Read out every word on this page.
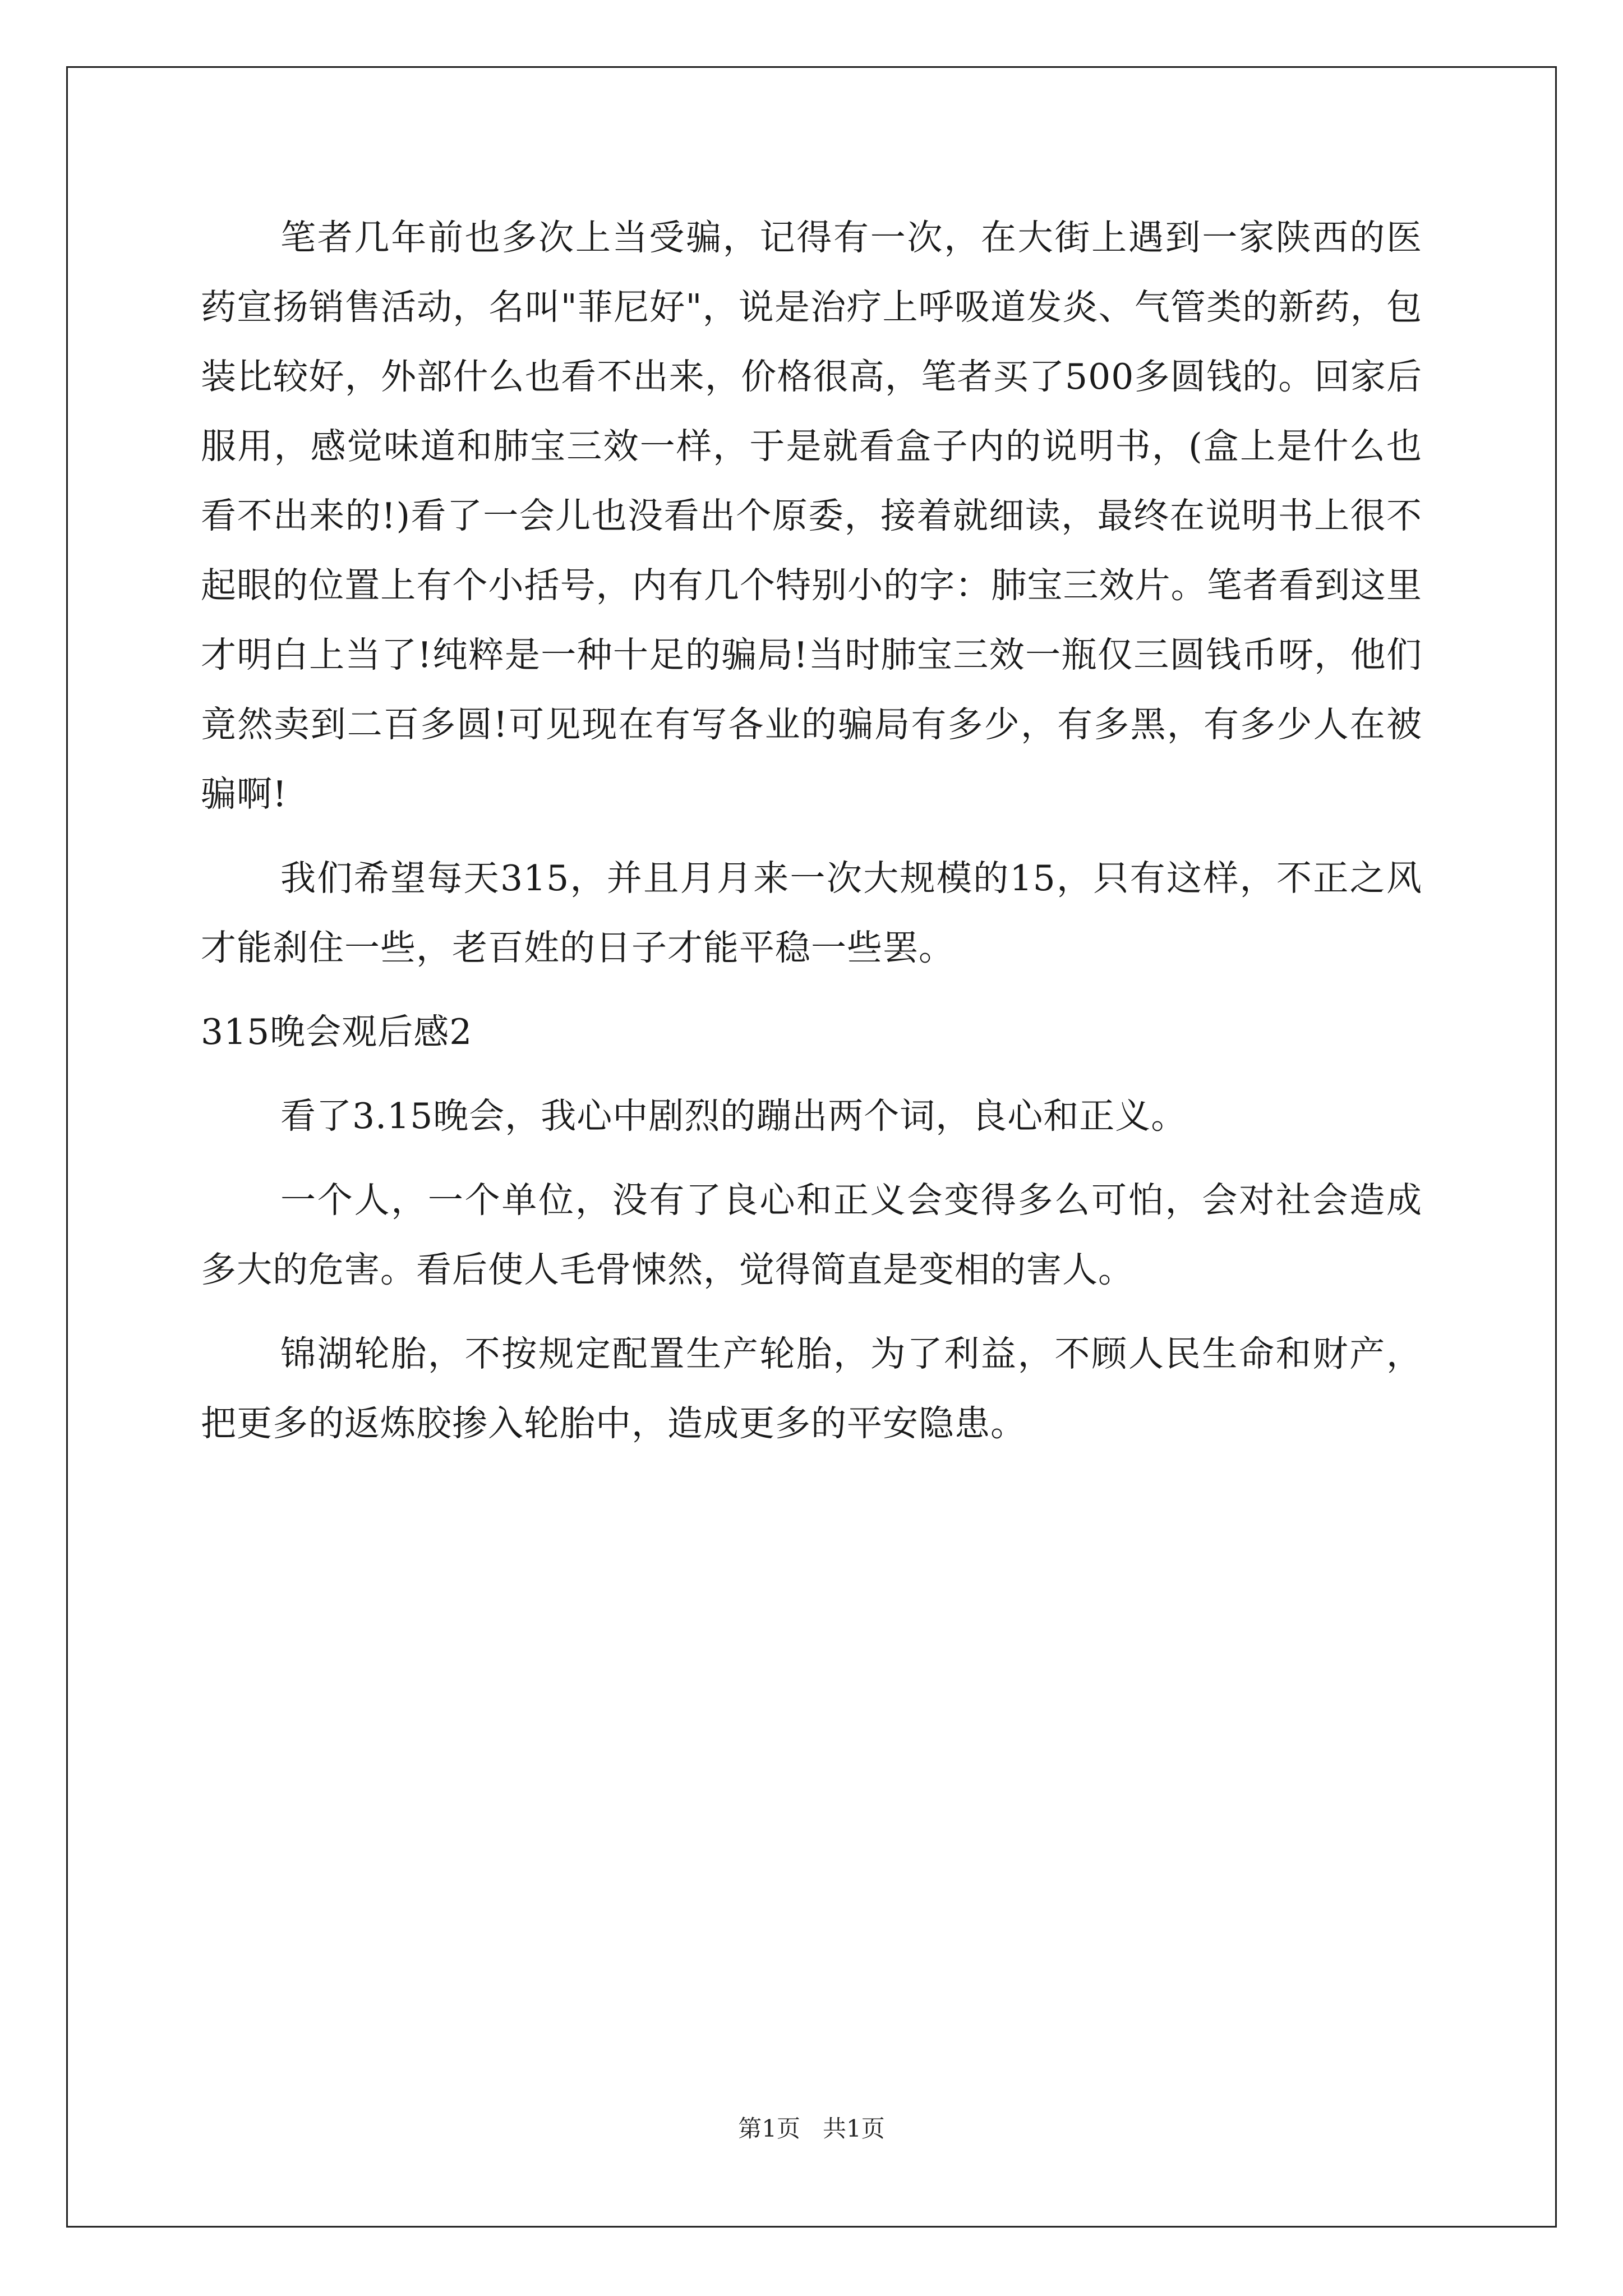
笔者几年前也多次上当受骗，记得有一次，在大街上遇到一家陕西的医药宣扬销售活动，名叫"菲尼好"，说是治疗上呼吸道发炎、气管类的新药，包装比较好，外部什么也看不出来，价格很高，笔者买了500多圆钱的。回家后服用，感觉味道和肺宝三效一样，于是就看盒子内的说明书，(盒上是什么也看不出来的!)看了一会儿也没看出个原委，接着就细读，最终在说明书上很不起眼的位置上有个小括号，内有几个特别小的字：肺宝三效片。笔者看到这里才明白上当了!纯粹是一种十足的骗局!当时肺宝三效一瓶仅三圆钱币呀，他们竟然卖到二百多圆!可见现在有写各业的骗局有多少，有多黑，有多少人在被骗啊!

我们希望每天315，并且月月来一次大规模的15，只有这样，不正之风才能刹住一些，老百姓的日子才能平稳一些罢。

315晚会观后感2

看了3.15晚会，我心中剧烈的蹦出两个词，良心和正义。

一个人，一个单位，没有了良心和正义会变得多么可怕，会对社会造成多大的危害。看后使人毛骨悚然，觉得简直是变相的害人。

锦湖轮胎，不按规定配置生产轮胎，为了利益，不顾人民生命和财产，把更多的返炼胶掺入轮胎中，造成更多的平安隐患。

第1页 共1页
